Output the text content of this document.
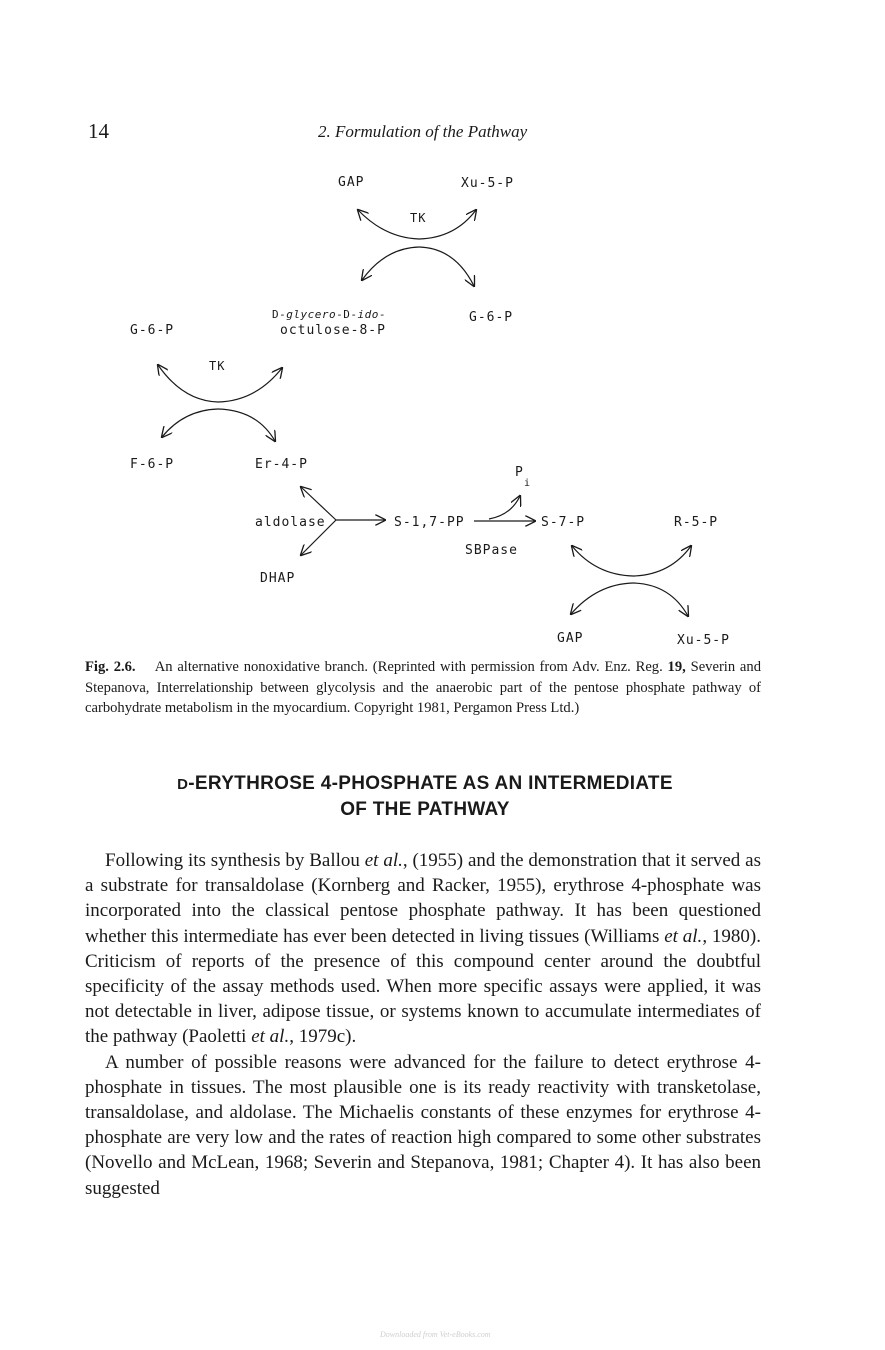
14	2. Formulation of the Pathway
GAP	Xu-5-P
TK
D-glycero-D-ido-
octulose-8-P
G-6-P
G-6-P
TK
F-6-P	Er-4-P
aldolase
DHAP
S-1,7-PP
P
i
SBPase
S-7-P	R-5-P
GAP	Xu-5-P
Fig. 2.6. An alternative nonoxidative branch. (Reprinted with permission from Adv. Enz. Reg. 19, Severin and Stepanova, Interrelationship between glycolysis and the anaerobic part of the pentose phosphate pathway of carbohydrate metabolism in the myocardium. Copyright 1981, Pergamon Press Ltd.)
D-ERYTHROSE 4-PHOSPHATE AS AN INTERMEDIATE
OF THE PATHWAY

Following its synthesis by Ballou et al., (1955) and the demonstration that it served as a substrate for transaldolase (Kornberg and Racker, 1955), erythrose 4-phosphate was incorporated into the classical pentose phosphate pathway. It has been questioned whether this intermediate has ever been detected in living tissues (Williams et al., 1980). Criticism of reports of the presence of this compound center around the doubtful specificity of the assay methods used. When more specific assays were applied, it was not detectable in liver, adipose tissue, or systems known to accumulate intermediates of the pathway (Paoletti et al., 1979c).

A number of possible reasons were advanced for the failure to detect erythrose 4-phosphate in tissues. The most plausible one is its ready reactivity with transketolase, transaldolase, and aldolase. The Michaelis constants of these enzymes for erythrose 4-phosphate are very low and the rates of reaction high compared to some other substrates (Novello and McLean, 1968; Severin and Stepanova, 1981; Chapter 4). It has also been suggested

Downloaded from Vet-eBooks.com
